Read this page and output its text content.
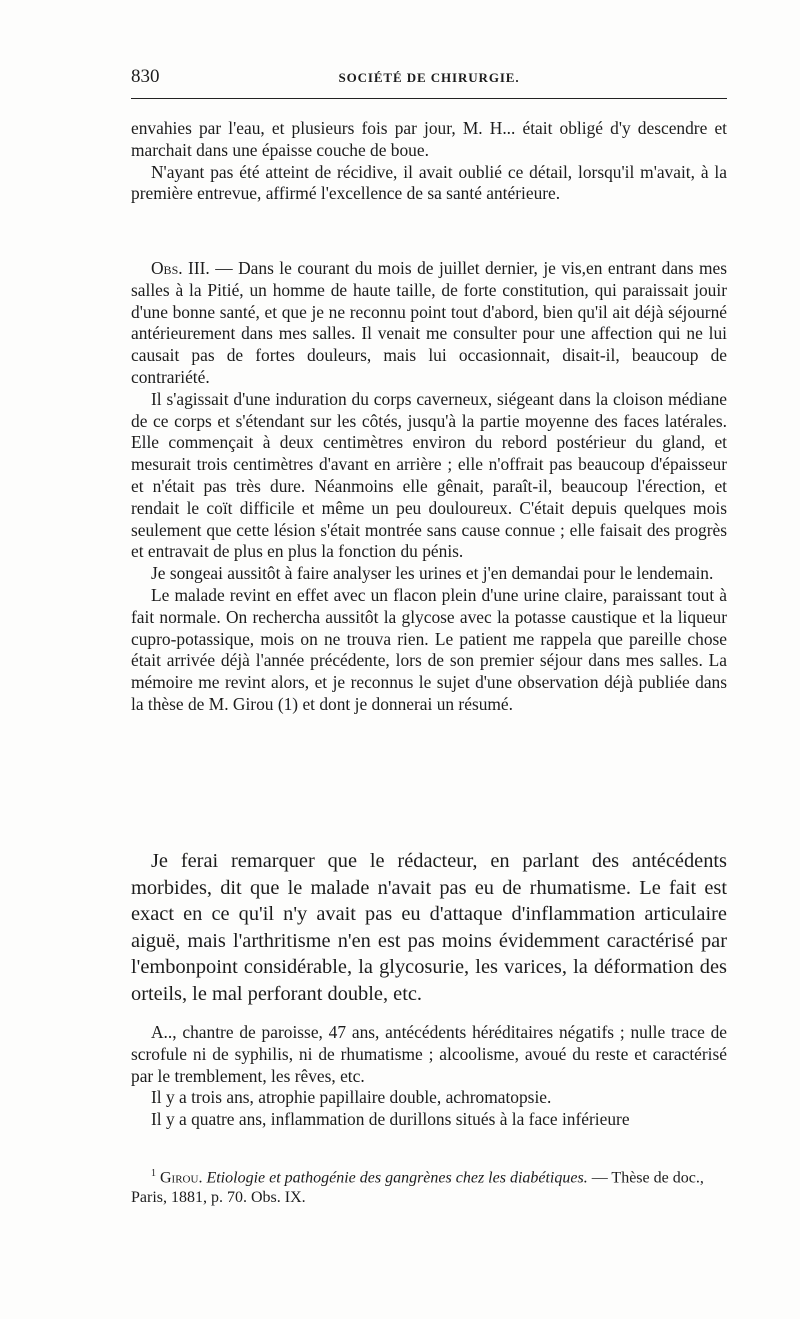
830	SOCIÉTÉ DE CHIRURGIE.

envahies par l'eau, et plusieurs fois par jour, M. H... était obligé d'y descendre et marchait dans une épaisse couche de boue.

N'ayant pas été atteint de récidive, il avait oublié ce détail, lorsqu'il m'avait, à la première entrevue, affirmé l'excellence de sa santé antérieure.

Obs. III. — Dans le courant du mois de juillet dernier, je vis,en entrant dans mes salles à la Pitié, un homme de haute taille, de forte constitution, qui paraissait jouir d'une bonne santé, et que je ne reconnu point tout d'abord, bien qu'il ait déjà séjourné antérieurement dans mes salles. Il venait me consulter pour une affection qui ne lui causait pas de fortes douleurs, mais lui occasionnait, disait-il, beaucoup de contrariété.

Il s'agissait d'une induration du corps caverneux, siégeant dans la cloison médiane de ce corps et s'étendant sur les côtés, jusqu'à la partie moyenne des faces latérales. Elle commençait à deux centimètres environ du rebord postérieur du gland, et mesurait trois centimètres d'avant en arrière ; elle n'offrait pas beaucoup d'épaisseur et n'était pas très dure. Néanmoins elle gênait, paraît-il, beaucoup l'érection, et rendait le coït difficile et même un peu douloureux. C'était depuis quelques mois seulement que cette lésion s'était montrée sans cause connue ; elle faisait des progrès et entravait de plus en plus la fonction du pénis.

Je songeai aussitôt à faire analyser les urines et j'en demandai pour le lendemain.

Le malade revint en effet avec un flacon plein d'une urine claire, paraissant tout à fait normale. On rechercha aussitôt la glycose avec la potasse caustique et la liqueur cupro-potassique, mois on ne trouva rien. Le patient me rappela que pareille chose était arrivée déjà l'année précédente, lors de son premier séjour dans mes salles. La mémoire me revint alors, et je reconnus le sujet d'une observation déjà publiée dans la thèse de M. Girou (1) et dont je donnerai un résumé.

Je ferai remarquer que le rédacteur, en parlant des antécédents morbides, dit que le malade n'avait pas eu de rhumatisme. Le fait est exact en ce qu'il n'y avait pas eu d'attaque d'inflammation articulaire aiguë, mais l'arthritisme n'en est pas moins évidemment caractérisé par l'embonpoint considérable, la glycosurie, les varices, la déformation des orteils, le mal perforant double, etc.

A.., chantre de paroisse, 47 ans, antécédents héréditaires négatifs ; nulle trace de scrofule ni de syphilis, ni de rhumatisme ; alcoolisme, avoué du reste et caractérisé par le tremblement, les rêves, etc.

Il y a trois ans, atrophie papillaire double, achromatopsie.

Il y a quatre ans, inflammation de durillons situés à la face inférieure

$^1$ Girou. Etiologie et pathogénie des gangrènes chez les diabétiques. — Thèse de doc., Paris, 1881, p. 70. Obs. IX.
